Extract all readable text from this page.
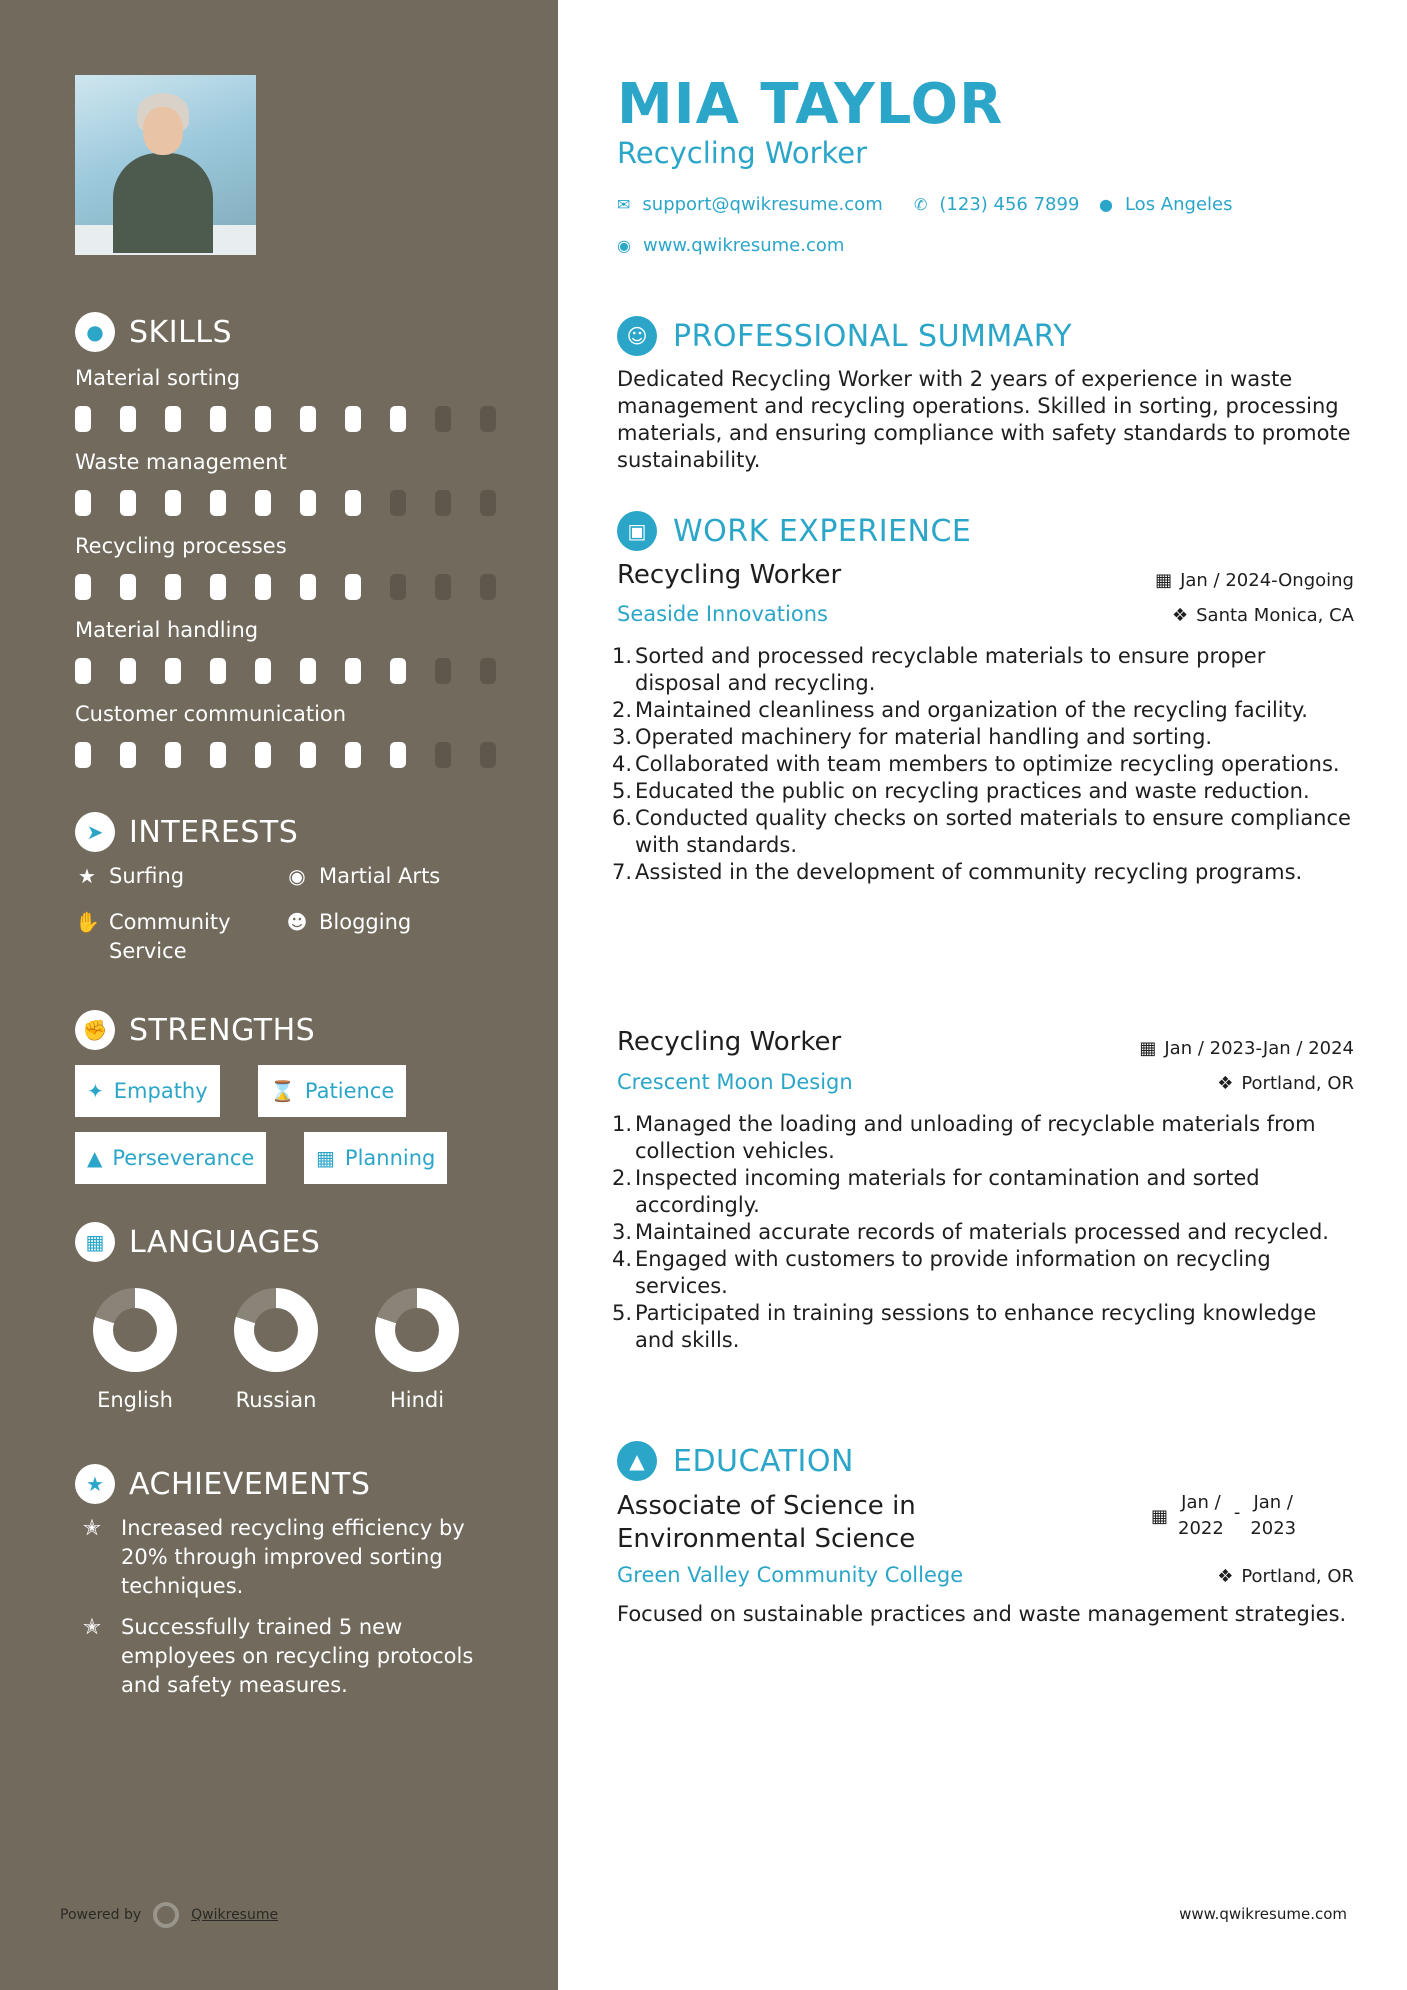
● SKILLS
Material sorting
Waste management
Recycling processes
Material handling
Customer communication
➤ INTERESTS
★ Surfing	◉ Martial Arts
✋ Community Service
☻ Blogging
✊ STRENGTHS
✦ Empathy	⌛ Patience
▲ Perseverance	▦ Planning
▦ LANGUAGES
English	Russian	Hindi
★ ACHIEVEMENTS
✭ Increased recycling efficiency by 20% through improved sorting techniques.
✭ Successfully trained 5 new employees on recycling protocols and safety measures.
Powered by	Qwikresume
MIA TAYLOR
Recycling Worker
✉ support@qwikresume.com ✆ (123) 456 7899 ● Los Angeles
◉ www.qwikresume.com
☺ PROFESSIONAL SUMMARY
Dedicated Recycling Worker with 2 years of experience in waste management and recycling operations. Skilled in sorting, processing materials, and ensuring compliance with safety standards to promote sustainability.
▣ WORK EXPERIENCE
Recycling Worker	▦ Jan / 2024-Ongoing
Seaside Innovations	❖ Santa Monica, CA
1. Sorted and processed recyclable materials to ensure proper disposal and recycling.
2. Maintained cleanliness and organization of the recycling facility.
3. Operated machinery for material handling and sorting.
4. Collaborated with team members to optimize recycling operations.
5. Educated the public on recycling practices and waste reduction.
6. Conducted quality checks on sorted materials to ensure compliance with standards.
7. Assisted in the development of community recycling programs.
Recycling Worker	▦ Jan / 2023-Jan / 2024
Crescent Moon Design	❖ Portland, OR
1. Managed the loading and unloading of recyclable materials from collection vehicles.
2. Inspected incoming materials for contamination and sorted accordingly.
3. Maintained accurate records of materials processed and recycled.
4. Engaged with customers to provide information on recycling services.
5. Participated in training sessions to enhance recycling knowledge and skills.
▲ EDUCATION
Associate of Science in
Environmental Science
▦
Jan /
2022
- Jan /
2023
Green Valley Community College	❖ Portland, OR
Focused on sustainable practices and waste management strategies.
www.qwikresume.com
